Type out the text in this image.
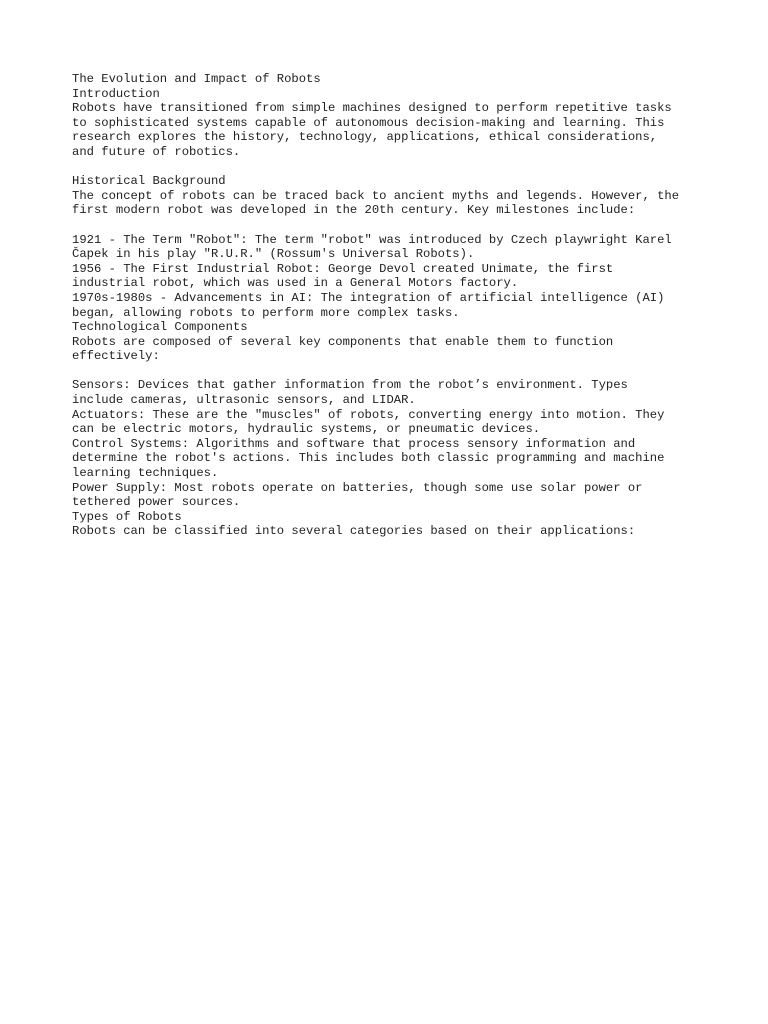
The Evolution and Impact of Robots
Introduction
Robots have transitioned from simple machines designed to perform repetitive tasks
to sophisticated systems capable of autonomous decision-making and learning. This
research explores the history, technology, applications, ethical considerations,
and future of robotics.
Historical Background
The concept of robots can be traced back to ancient myths and legends. However, the
first modern robot was developed in the 20th century. Key milestones include:
1921 - The Term "Robot": The term "robot" was introduced by Czech playwright Karel
Čapek in his play "R.U.R." (Rossum's Universal Robots).
1956 - The First Industrial Robot: George Devol created Unimate, the first
industrial robot, which was used in a General Motors factory.
1970s-1980s - Advancements in AI: The integration of artificial intelligence (AI)
began, allowing robots to perform more complex tasks.
Technological Components
Robots are composed of several key components that enable them to function
effectively:
Sensors: Devices that gather information from the robot’s environment. Types
include cameras, ultrasonic sensors, and LIDAR.
Actuators: These are the "muscles" of robots, converting energy into motion. They
can be electric motors, hydraulic systems, or pneumatic devices.
Control Systems: Algorithms and software that process sensory information and
determine the robot's actions. This includes both classic programming and machine
learning techniques.
Power Supply: Most robots operate on batteries, though some use solar power or
tethered power sources.
Types of Robots
Robots can be classified into several categories based on their applications:
